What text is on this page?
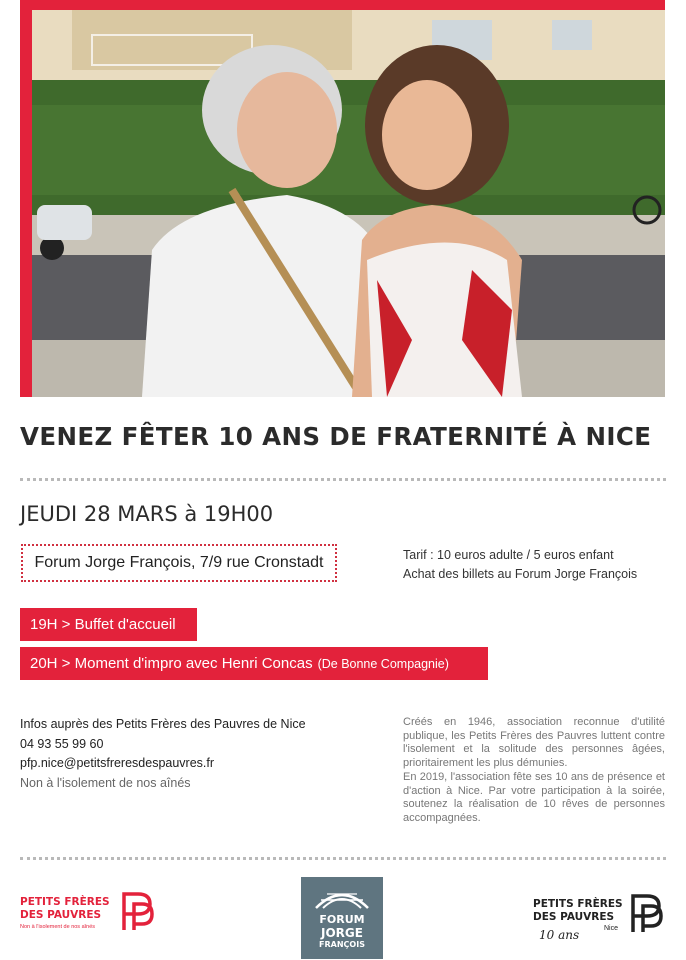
VENEZ FÊTER 10 ANS DE FRATERNITÉ À NICE
JEUDI 28 MARS à 19H00
Forum Jorge François, 7/9 rue Cronstadt	Tarif : 10 euros adulte / 5 euros enfant
Achat des billets au Forum Jorge François
19H > Buffet d'accueil
20H > Moment d'impro avec Henri Concas (De Bonne Compagnie)
Infos auprès des Petits Frères des Pauvres de Nice
04 93 55 99 60
pfp.nice@petitsfreresdespauvres.fr
Non à l'isolement de nos aînés

Créés en 1946, association reconnue d'utilité publique, les Petits Frères des Pauvres luttent contre l'isolement et la solitude des personnes âgées, prioritairement les plus démunies.

En 2019, l'association fête ses 10 ans de présence et d'action à Nice. Par votre participation à la soirée, soutenez la réalisation de 10 rêves de personnes accompagnées.

PETITS FRÈRES
DES PAUVRES
Non à l'isolement de nos aînés
FORUM
JORGE
FRANÇOIS
PETITS FRÈRES
DES PAUVRES
Nice
10 ans
